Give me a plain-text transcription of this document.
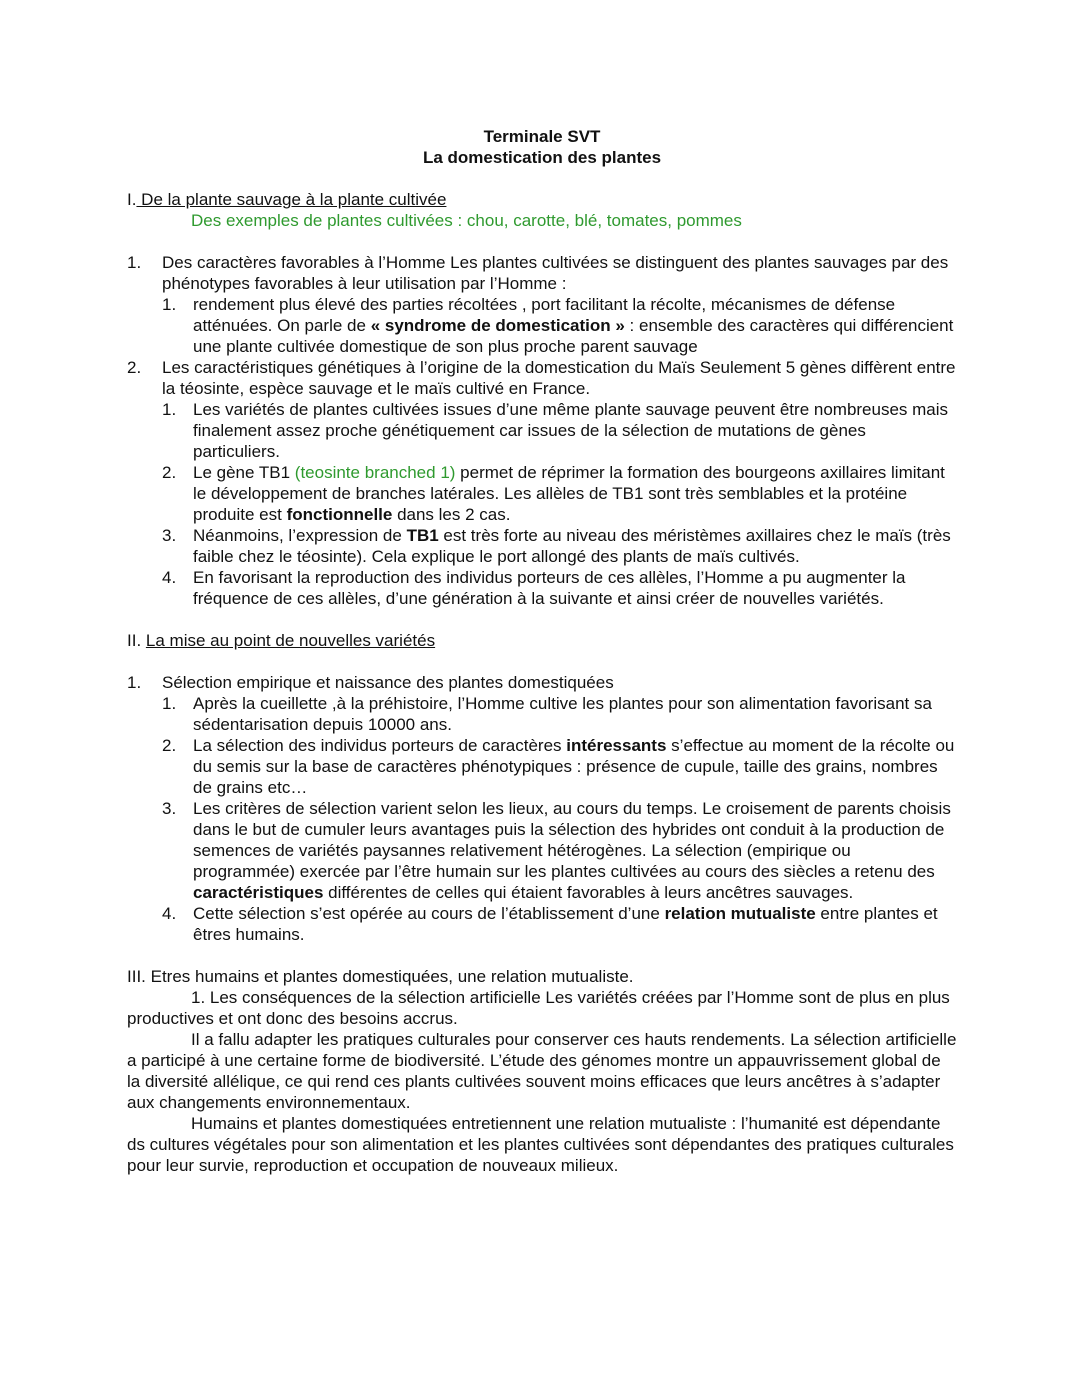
Terminale SVT

La domestication des plantes

I. De la plante sauvage à la plante cultivée

Des exemples de plantes cultivées : chou, carotte, blé, tomates, pommes

1.	Des caractères favorables à l’Homme Les plantes cultivées se distinguent des plantes sauvages par des phénotypes favorables à leur utilisation par l’Homme :
1. rendement plus élevé des parties récoltées , port facilitant la récolte, mécanismes de défense atténuées. On parle de « syndrome de domestication » : ensemble des caractères qui différencient une plante cultivée domestique de son plus proche parent sauvage
2.	Les caractéristiques génétiques à l’origine de la domestication du Maïs Seulement 5 gènes diffèrent entre la téosinte, espèce sauvage et le maïs cultivé en France.
1. Les variétés de plantes cultivées issues d’une même plante sauvage peuvent être nombreuses mais finalement assez proche génétiquement car issues de la sélection de mutations de gènes particuliers.
2. Le gène TB1 (teosinte branched 1) permet de réprimer la formation des bourgeons axillaires limitant le développement de branches latérales. Les allèles de TB1 sont très semblables et la protéine produite est fonctionnelle dans les 2 cas.
3. Néanmoins, l’expression de TB1 est très forte au niveau des méristèmes axillaires chez le maïs (très faible chez le téosinte). Cela explique le port allongé des plants de maïs cultivés.
4. En favorisant la reproduction des individus porteurs de ces allèles, l’Homme a pu augmenter la fréquence de ces allèles, d’une génération à la suivante et ainsi créer de nouvelles variétés.

II. La mise au point de nouvelles variétés

1.	Sélection empirique et naissance des plantes domestiquées
1. Après la cueillette ,à la préhistoire, l’Homme cultive les plantes pour son alimentation favorisant sa sédentarisation depuis 10000 ans.
2. La sélection des individus porteurs de caractères intéressants s’effectue au moment de la récolte ou du semis sur la base de caractères phénotypiques : présence de cupule, taille des grains, nombres de grains etc…
3. Les critères de sélection varient selon les lieux, au cours du temps. Le croisement de parents choisis dans le but de cumuler leurs avantages puis la sélection des hybrides ont conduit à la production de semences de variétés paysannes relativement hétérogènes. La sélection (empirique ou programmée) exercée par l’être humain sur les plantes cultivées au cours des siècles a retenu des caractéristiques différentes de celles qui étaient favorables à leurs ancêtres sauvages.
4. Cette sélection s’est opérée au cours de l’établissement d’une relation mutualiste entre plantes et êtres humains.

III. Etres humains et plantes domestiquées, une relation mutualiste.

1. Les conséquences de la sélection artificielle Les variétés créées par l’Homme sont de plus en plus productives et ont donc des besoins accrus.

Il a fallu adapter les pratiques culturales pour conserver ces hauts rendements. La sélection artificielle a participé à une certaine forme de biodiversité. L’étude des génomes montre un appauvrissement global de la diversité allélique, ce qui rend ces plants cultivées souvent moins efficaces que leurs ancêtres à s’adapter aux changements environnementaux.

Humains et plantes domestiquées entretiennent une relation mutualiste : l’humanité est dépendante ds cultures végétales pour son alimentation et les plantes cultivées sont dépendantes des pratiques culturales pour leur survie, reproduction et occupation de nouveaux milieux.
